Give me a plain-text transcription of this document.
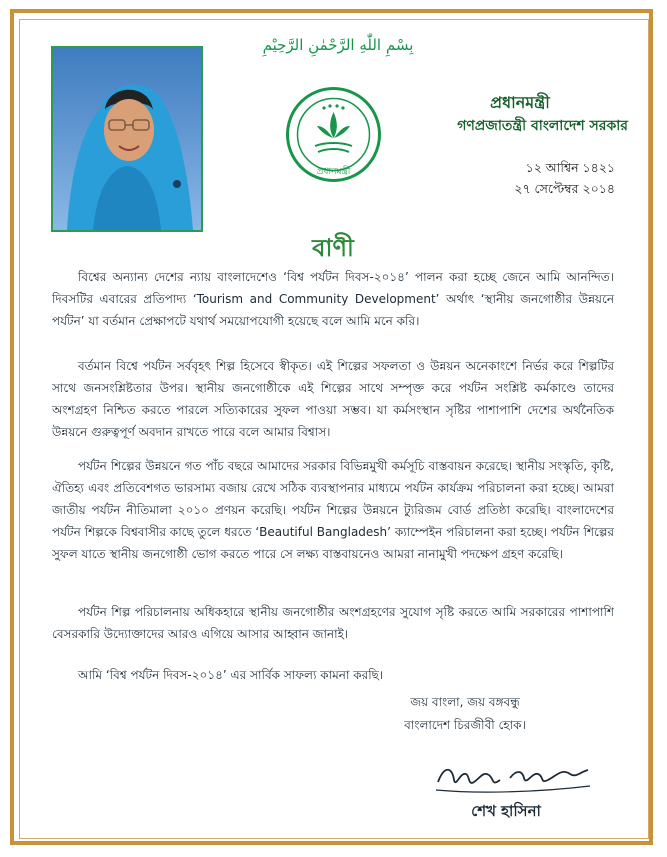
بِسْمِ اللّٰهِ الرَّحْمٰنِ الرَّحِيْمِ
প্রধানমন্ত্রী
প্রধানমন্ত্রী
গণপ্রজাতন্ত্রী বাংলাদেশ সরকার
১২ আশ্বিন ১৪২১
২৭ সেপ্টেম্বর ২০১৪
বাণী

বিশ্বের অন্যান্য দেশের ন্যায় বাংলাদেশেও ‘বিশ্ব পর্যটন দিবস-২০১৪’ পালন করা হচ্ছে জেনে আমি আনন্দিত। দিবসটির এবারের প্রতিপাদ্য ‘Tourism and Community Development’ অর্থাৎ ‘স্থানীয় জনগোষ্ঠীর উন্নয়নে পর্যটন’ যা বর্তমান প্রেক্ষাপটে যথার্থ সময়োপযোগী হয়েছে বলে আমি মনে করি।

বর্তমান বিশ্বে পর্যটন সর্ববৃহৎ শিল্প হিসেবে স্বীকৃত। এই শিল্পের সফলতা ও উন্নয়ন অনেকাংশে নির্ভর করে শিল্পটির সাথে জনসংশ্লিষ্টতার উপর। স্থানীয় জনগোষ্ঠীকে এই শিল্পের সাথে সম্পৃক্ত করে পর্যটন সংশ্লিষ্ট কর্মকাণ্ডে তাদের অংশগ্রহণ নিশ্চিত করতে পারলে সত্যিকারের সুফল পাওয়া সম্ভব। যা কর্মসংস্থান সৃষ্টির পাশাপাশি দেশের অর্থনৈতিক উন্নয়নে গুরুত্বপূর্ণ অবদান রাখতে পারে বলে আমার বিশ্বাস।

পর্যটন শিল্পের উন্নয়নে গত পাঁচ বছরে আমাদের সরকার বিভিন্নমুখী কর্মসূচি বাস্তবায়ন করেছে। স্থানীয় সংস্কৃতি, কৃষ্টি, ঐতিহ্য এবং প্রতিবেশগত ভারসাম্য বজায় রেখে সঠিক ব্যবস্থাপনার মাধ্যমে পর্যটন কার্যক্রম পরিচালনা করা হচ্ছে। আমরা জাতীয় পর্যটন নীতিমালা ২০১০ প্রণয়ন করেছি। পর্যটন শিল্পের উন্নয়নে ট্যুরিজম বোর্ড প্রতিষ্ঠা করেছি। বাংলাদেশের পর্যটন শিল্পকে বিশ্ববাসীর কাছে তুলে ধরতে ‘Beautiful Bangladesh’ ক্যাম্পেইন পরিচালনা করা হচ্ছে। পর্যটন শিল্পের সুফল যাতে স্থানীয় জনগোষ্ঠী ভোগ করতে পারে সে লক্ষ্য বাস্তবায়নেও আমরা নানামুখী পদক্ষেপ গ্রহণ করেছি।

পর্যটন শিল্প পরিচালনায় অধিকহারে স্থানীয় জনগোষ্ঠীর অংশগ্রহণের সুযোগ সৃষ্টি করতে আমি সরকারের পাশাপাশি বেসরকারি উদ্যোক্তাদের আরও এগিয়ে আসার আহ্বান জানাই।

আমি ‘বিশ্ব পর্যটন দিবস-২০১৪’ এর সার্বিক সাফল্য কামনা করছি।

জয় বাংলা, জয় বঙ্গবন্ধু
বাংলাদেশ চিরজীবী হোক।
শেখ হাসিনা
